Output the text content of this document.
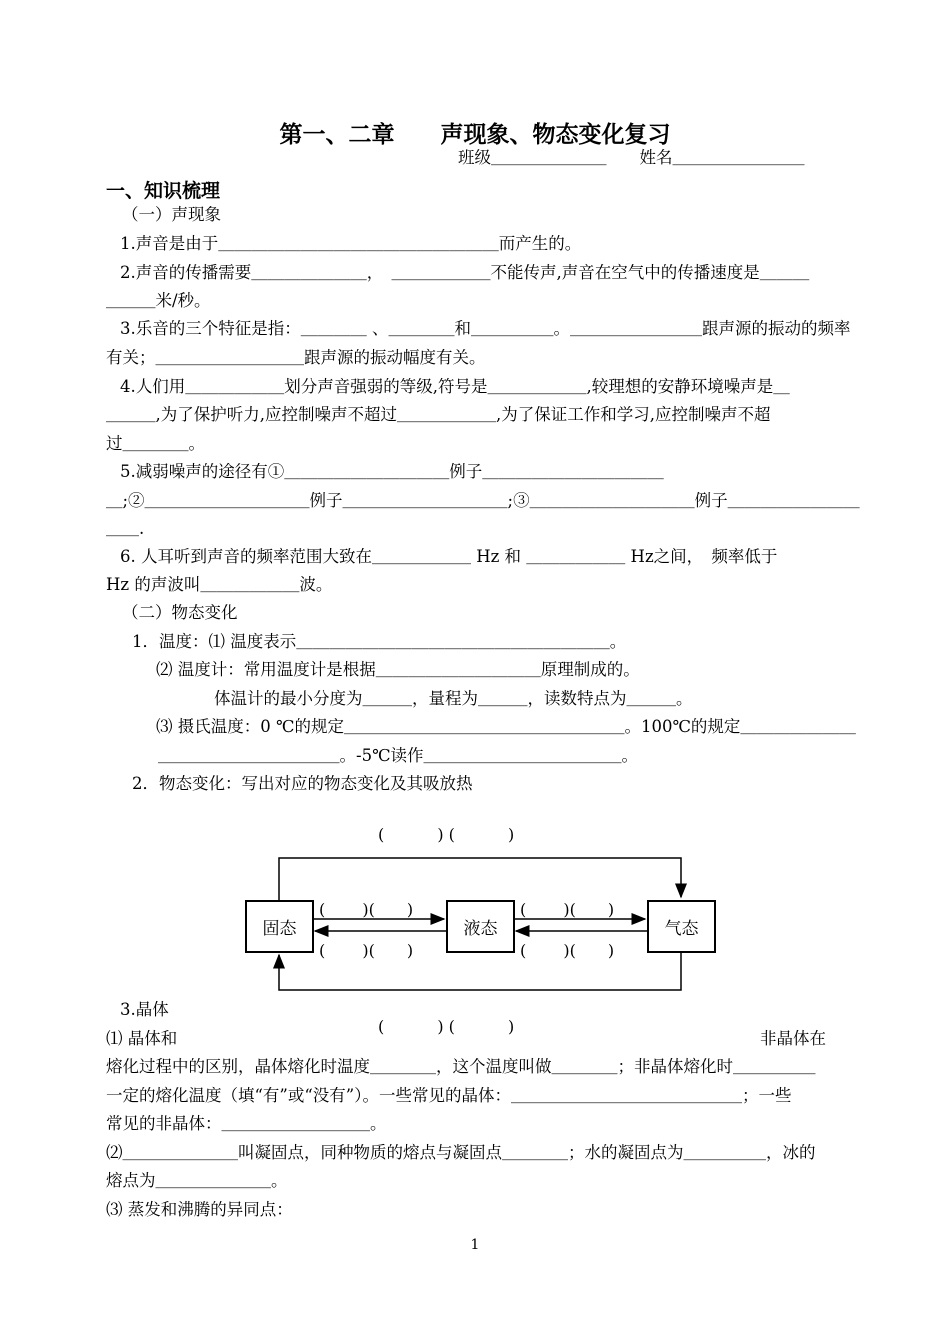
第一、二章　　声现象、物态变化复习
班级＿＿＿＿＿＿＿　　姓名＿＿＿＿＿＿＿＿
一、知识梳理
（一）声现象
1.声音是由于＿＿＿＿＿＿＿＿＿＿＿＿＿＿＿＿＿而产生的。
2.声音的传播需要＿＿＿＿＿＿＿，　＿＿＿＿＿＿不能传声,声音在空气中的传播速度是＿＿＿
＿＿＿米/秒。
3.乐音的三个特征是指：＿＿＿＿ 、＿＿＿＿和＿＿＿＿＿。＿＿＿＿＿＿＿＿跟声源的振动的频率
有关；＿＿＿＿＿＿＿＿＿跟声源的振动幅度有关。
4.人们用＿＿＿＿＿＿划分声音强弱的等级,符号是＿＿＿＿＿＿,较理想的安静环境噪声是＿
＿＿＿,为了保护听力,应控制噪声不超过＿＿＿＿＿＿,为了保证工作和学习,应控制噪声不超
过＿＿＿＿。
5.减弱噪声的途径有①＿＿＿＿＿＿＿＿＿＿例子＿＿＿＿＿＿＿＿＿＿＿
＿;②＿＿＿＿＿＿＿＿＿＿例子＿＿＿＿＿＿＿＿＿＿;③＿＿＿＿＿＿＿＿＿＿例子＿＿＿＿＿＿＿＿
＿＿.
6. 人耳听到声音的频率范围大致在＿＿＿＿＿＿ Hz 和 ＿＿＿＿＿＿ Hz之间，　频率低于
Hz 的声波叫＿＿＿＿＿＿波。
（二）物态变化
1．温度：⑴ 温度表示＿＿＿＿＿＿＿＿＿＿＿＿＿＿＿＿＿＿＿。
⑵ 温度计：常用温度计是根据＿＿＿＿＿＿＿＿＿＿原理制成的。
体温计的最小分度为＿＿＿，量程为＿＿＿，读数特点为＿＿＿。
⑶ 摄氏温度：0 ℃的规定＿＿＿＿＿＿＿＿＿＿＿＿＿＿＿＿＿。100℃的规定＿＿＿＿＿＿＿
＿＿＿＿＿＿＿＿＿＿＿。-5℃读作＿＿＿＿＿＿＿＿＿＿＿＿。
2．物态变化：写出对应的物态变化及其吸放热
固态	液态	气态
(　　　 ) (　　　 )
(　　　 ) (　　　 )
(　　 )(　　)
(　　 )(　　)
(　　 )(　　)
(　　 )(　　)
3.晶体
⑴ 晶体和	非晶体在
熔化过程中的区别，晶体熔化时温度＿＿＿＿，这个温度叫做＿＿＿＿；非晶体熔化时＿＿＿＿＿
一定的熔化温度（填“有”或“没有”）。一些常见的晶体：＿＿＿＿＿＿＿＿＿＿＿＿＿＿；一些
常见的非晶体：＿＿＿＿＿＿＿＿＿。
⑵＿＿＿＿＿＿＿叫凝固点，同种物质的熔点与凝固点＿＿＿＿；水的凝固点为＿＿＿＿＿，冰的
熔点为＿＿＿＿＿＿＿。
⑶ 蒸发和沸腾的异同点：
1
